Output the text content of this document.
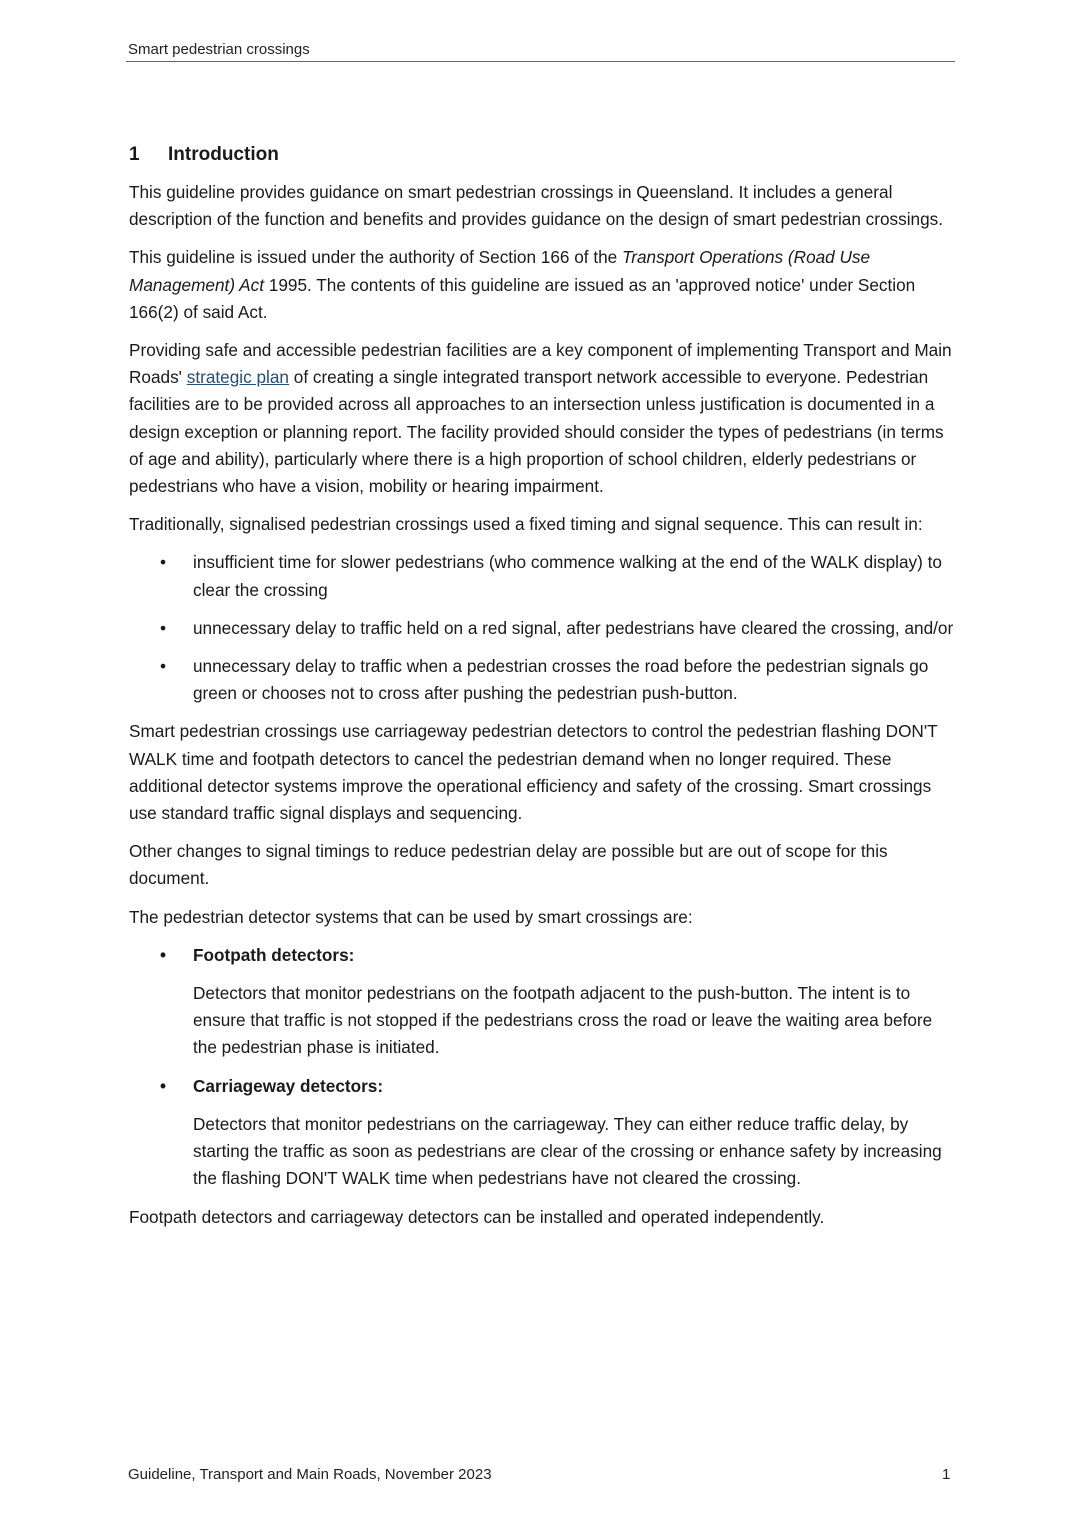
Smart pedestrian crossings
1 Introduction

This guideline provides guidance on smart pedestrian crossings in Queensland. It includes a general description of the function and benefits and provides guidance on the design of smart pedestrian crossings.

This guideline is issued under the authority of Section 166 of the Transport Operations (Road Use Management) Act 1995. The contents of this guideline are issued as an 'approved notice' under Section 166(2) of said Act.

Providing safe and accessible pedestrian facilities are a key component of implementing Transport and Main Roads' strategic plan of creating a single integrated transport network accessible to everyone. Pedestrian facilities are to be provided across all approaches to an intersection unless justification is documented in a design exception or planning report. The facility provided should consider the types of pedestrians (in terms of age and ability), particularly where there is a high proportion of school children, elderly pedestrians or pedestrians who have a vision, mobility or hearing impairment.

Traditionally, signalised pedestrian crossings used a fixed timing and signal sequence. This can result in:

• insufficient time for slower pedestrians (who commence walking at the end of the WALK display) to clear the crossing
• unnecessary delay to traffic held on a red signal, after pedestrians have cleared the crossing, and/or
• unnecessary delay to traffic when a pedestrian crosses the road before the pedestrian signals go green or chooses not to cross after pushing the pedestrian push-button.

Smart pedestrian crossings use carriageway pedestrian detectors to control the pedestrian flashing DON'T WALK time and footpath detectors to cancel the pedestrian demand when no longer required. These additional detector systems improve the operational efficiency and safety of the crossing. Smart crossings use standard traffic signal displays and sequencing.

Other changes to signal timings to reduce pedestrian delay are possible but are out of scope for this document.

The pedestrian detector systems that can be used by smart crossings are:

• Footpath detectors:
Detectors that monitor pedestrians on the footpath adjacent to the push-button. The intent is to ensure that traffic is not stopped if the pedestrians cross the road or leave the waiting area before the pedestrian phase is initiated.
• Carriageway detectors:
Detectors that monitor pedestrians on the carriageway. They can either reduce traffic delay, by starting the traffic as soon as pedestrians are clear of the crossing or enhance safety by increasing the flashing DON'T WALK time when pedestrians have not cleared the crossing.

Footpath detectors and carriageway detectors can be installed and operated independently.

Guideline, Transport and Main Roads, November 2023	1
